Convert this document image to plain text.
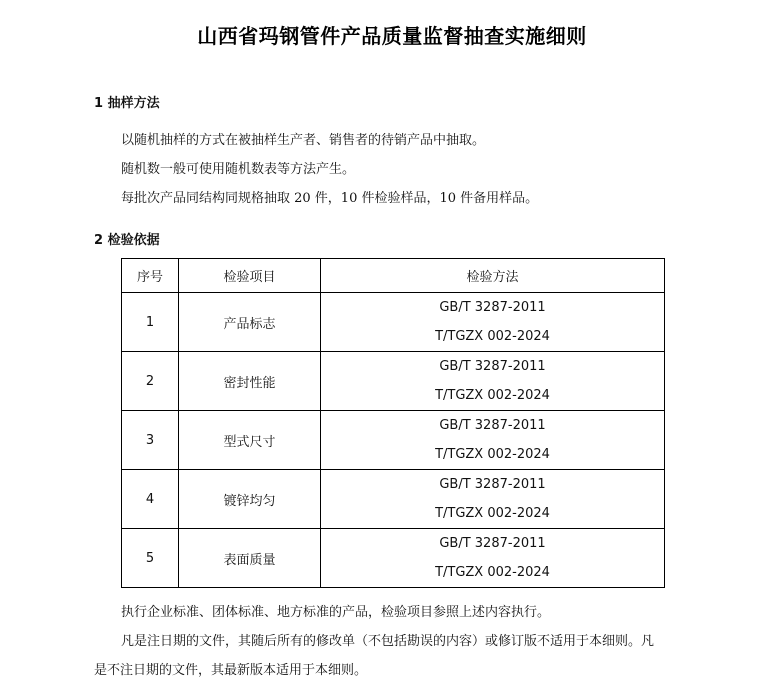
山西省玛钢管件产品质量监督抽查实施细则
1 抽样方法
以随机抽样的方式在被抽样生产者、销售者的待销产品中抽取。
随机数一般可使用随机数表等方法产生。
每批次产品同结构同规格抽取 20 件，10 件检验样品，10 件备用样品。
2 检验依据
序号	检验项目	检验方法
1	产品标志	GB/T 3287-2011
T/TGZX 002-2024

2	密封性能	GB/T 3287-2011
T/TGZX 002-2024

3	型式尺寸	GB/T 3287-2011
T/TGZX 002-2024

4	镀锌均匀	GB/T 3287-2011
T/TGZX 002-2024

5	表面质量	GB/T 3287-2011
T/TGZX 002-2024
执行企业标准、团体标准、地方标准的产品，检验项目参照上述内容执行。
凡是注日期的文件，其随后所有的修改单（不包括勘误的内容）或修订版不适用于本细则。凡
是不注日期的文件，其最新版本适用于本细则。
